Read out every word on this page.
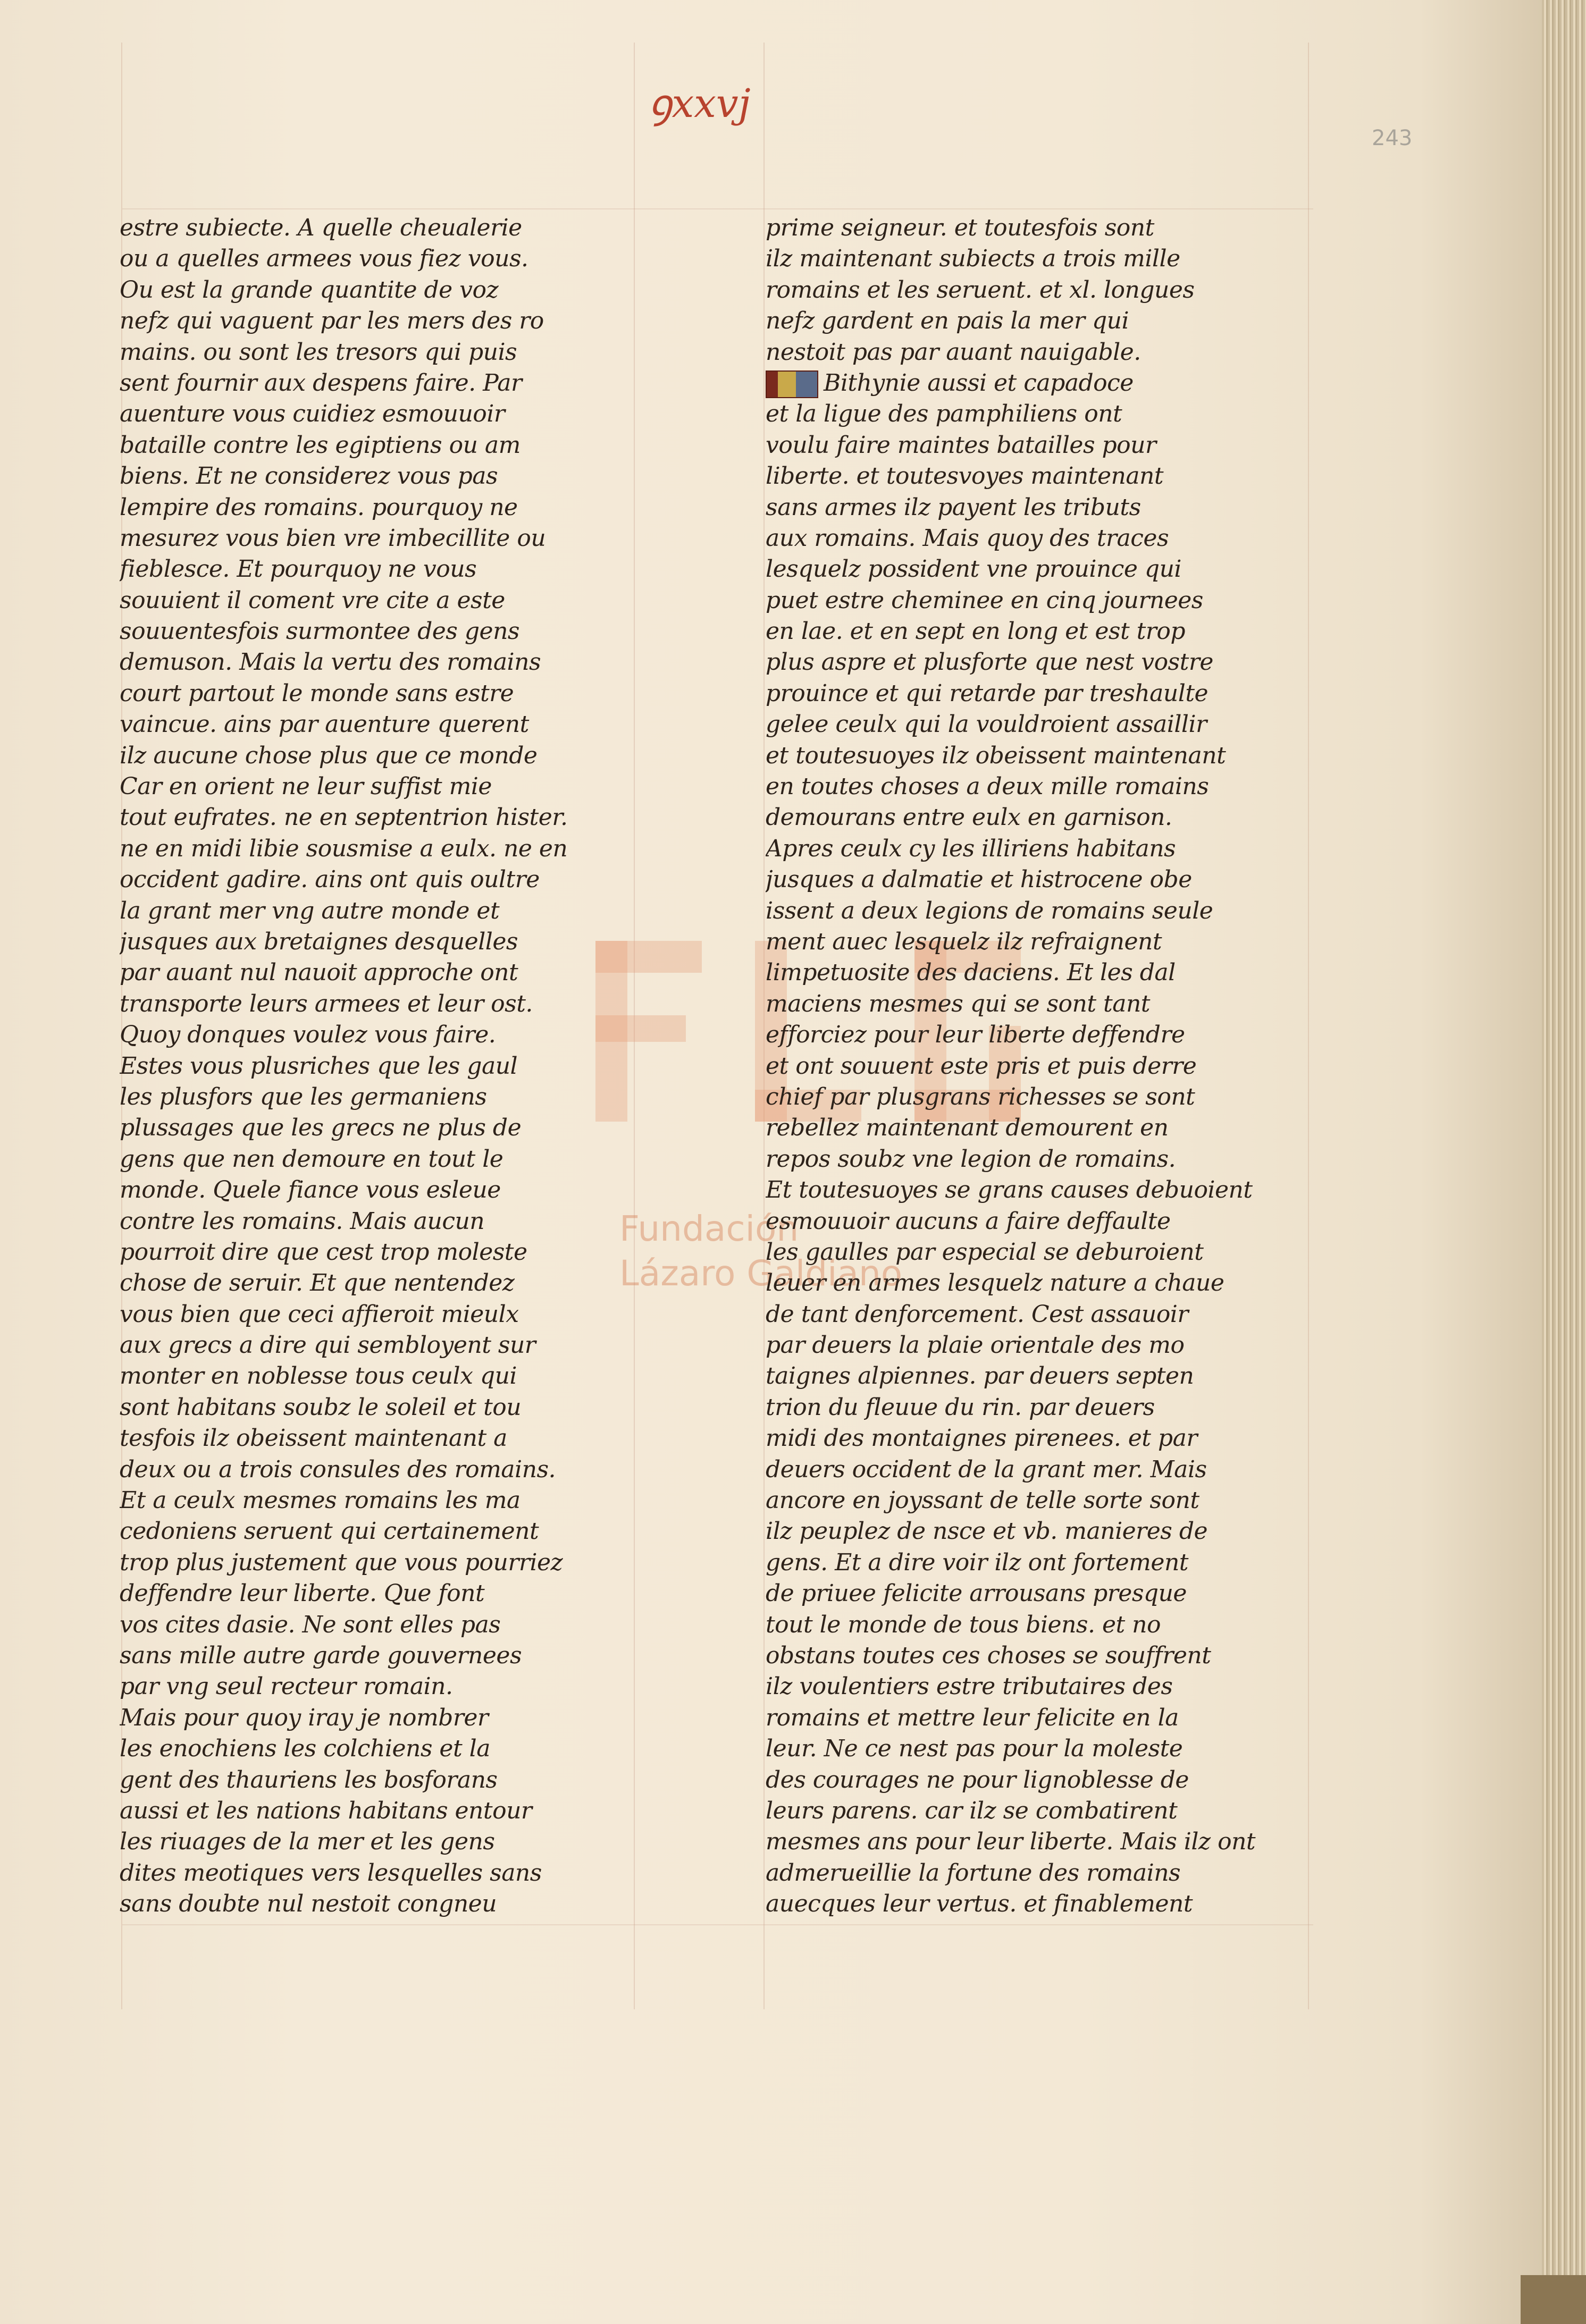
ꝯxxvj
243
Fundación
Lázaro Galdiano
estre subiecte. A quelle cheualerie
ou a quelles armees vous fiez vous.
Ou est la grande quantite de voz
nefz qui vaguent par les mers des ro
mains. ou sont les tresors qui puis
sent fournir aux despens faire. Par
auenture vous cuidiez esmouuoir
bataille contre les egiptiens ou am
biens. Et ne considerez vous pas
lempire des romains. pourquoy ne
mesurez vous bien vre imbecillite ou
fieblesce. Et pourquoy ne vous
souuient il coment vre cite a este
souuentesfois surmontee des gens
demuson. Mais la vertu des romains
court partout le monde sans estre
vaincue. ains par auenture querent
ilz aucune chose plus que ce monde
Car en orient ne leur suffist mie
tout eufrates. ne en septentrion hister.
ne en midi libie sousmise a eulx. ne en
occident gadire. ains ont quis oultre
la grant mer vng autre monde et
jusques aux bretaignes desquelles
par auant nul nauoit approche ont
transporte leurs armees et leur ost.
Quoy donques voulez vous faire.
Estes vous plusriches que les gaul
les plusfors que les germaniens
plussages que les grecs ne plus de
gens que nen demoure en tout le
monde. Quele fiance vous esleue
contre les romains. Mais aucun
pourroit dire que cest trop moleste
chose de seruir. Et que nentendez
vous bien que ceci affieroit mieulx
aux grecs a dire qui sembloyent sur
monter en noblesse tous ceulx qui
sont habitans soubz le soleil et tou
tesfois ilz obeissent maintenant a
deux ou a trois consules des romains.
Et a ceulx mesmes romains les ma
cedoniens seruent qui certainement
trop plus justement que vous pourriez
deffendre leur liberte. Que font
vos cites dasie. Ne sont elles pas
sans mille autre garde gouvernees
par vng seul recteur romain.
Mais pour quoy iray je nombrer
les enochiens les colchiens et la
gent des thauriens les bosforans
aussi et les nations habitans entour
les riuages de la mer et les gens
dites meotiques vers lesquelles sans
sans doubte nul nestoit congneu
prime seigneur. et toutesfois sont
ilz maintenant subiects a trois mille
romains et les seruent. et xl. longues
nefz gardent en pais la mer qui
nestoit pas par auant nauigable.
Bithynie aussi et capadoce
et la ligue des pamphiliens ont
voulu faire maintes batailles pour
liberte. et toutesvoyes maintenant
sans armes ilz payent les tributs
aux romains. Mais quoy des traces
lesquelz possident vne prouince qui
puet estre cheminee en cinq journees
en lae. et en sept en long et est trop
plus aspre et plusforte que nest vostre
prouince et qui retarde par treshaulte
gelee ceulx qui la vouldroient assaillir
et toutesuoyes ilz obeissent maintenant
en toutes choses a deux mille romains
demourans entre eulx en garnison.
Apres ceulx cy les illiriens habitans
jusques a dalmatie et histrocene obe
issent a deux legions de romains seule
ment auec lesquelz ilz refraignent
limpetuosite des daciens. Et les dal
maciens mesmes qui se sont tant
efforciez pour leur liberte deffendre
et ont souuent este pris et puis derre
chief par plusgrans richesses se sont
rebellez maintenant demourent en
repos soubz vne legion de romains.
Et toutesuoyes se grans causes debuoient
esmouuoir aucuns a faire deffaulte
les gaulles par especial se deburoient
leuer en armes lesquelz nature a chaue
de tant denforcement. Cest assauoir
par deuers la plaie orientale des mo
taignes alpiennes. par deuers septen
trion du fleuue du rin. par deuers
midi des montaignes pirenees. et par
deuers occident de la grant mer. Mais
ancore en joyssant de telle sorte sont
ilz peuplez de nsce et vb. manieres de
gens. Et a dire voir ilz ont fortement
de priuee felicite arrousans presque
tout le monde de tous biens. et no
obstans toutes ces choses se souffrent
ilz voulentiers estre tributaires des
romains et mettre leur felicite en la
leur. Ne ce nest pas pour la moleste
des courages ne pour lignoblesse de
leurs parens. car ilz se combatirent
mesmes ans pour leur liberte. Mais ilz ont
admerueillie la fortune des romains
auecques leur vertus. et finablement
